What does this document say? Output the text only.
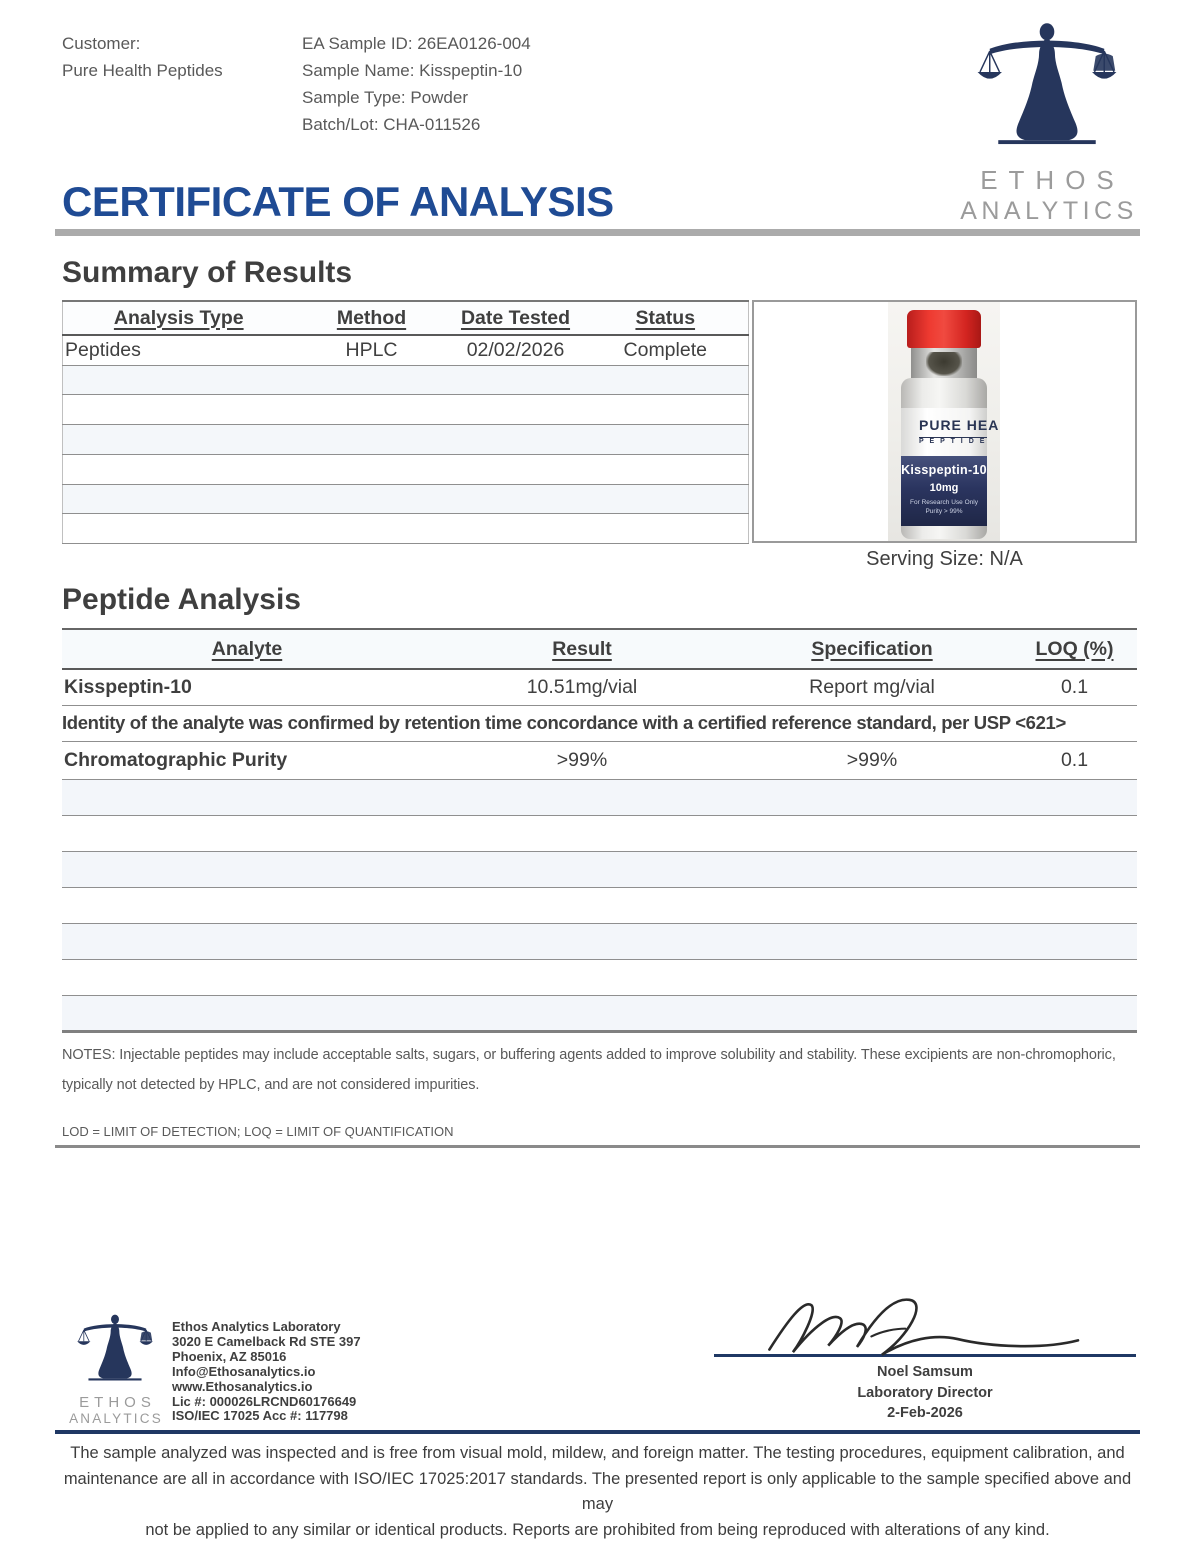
Customer:
Pure Health Peptides
EA Sample ID: 26EA0126-004
Sample Name: Kisspeptin-10
Sample Type: Powder
Batch/Lot: CHA-011526
ETHOS
ANALYTICS
CERTIFICATE OF ANALYSIS
Summary of Results
Analysis Type	Method	Date Tested	Status
Peptides	HPLC	02/02/2026	Complete

PURE HEA
P E P T I D E
Kisspeptin-10
10mg
For Research Use Only
Purity > 99%
Serving Size: N/A
Peptide Analysis
Analyte	Result	Specification	LOQ (%)
Kisspeptin-10	10.51mg/vial	Report mg/vial	0.1
Identity of the analyte was confirmed by retention time concordance with a certified reference standard, per USP <621>			
Chromatographic Purity	>99%	>99%	0.1

NOTES: Injectable peptides may include acceptable salts, sugars, or buffering agents added to improve solubility and stability. These excipients are non-chromophoric,
typically not detected by HPLC, and are not considered impurities.
LOD = LIMIT OF DETECTION; LOQ = LIMIT OF QUANTIFICATION
ETHOS
ANALYTICS
Ethos Analytics Laboratory
3020 E Camelback Rd STE 397
Phoenix, AZ 85016
Info@Ethosanalytics.io
www.Ethosanalytics.io
Lic #: 000026LRCND60176649
ISO/IEC 17025 Acc #: 117798
Noel Samsum
Laboratory Director
2-Feb-2026
The sample analyzed was inspected and is free from visual mold, mildew, and foreign matter. The testing procedures, equipment calibration, and
maintenance are all in accordance with ISO/IEC 17025:2017 standards. The presented report is only applicable to the sample specified above and may
not be applied to any similar or identical products. Reports are prohibited from being reproduced with alterations of any kind.
